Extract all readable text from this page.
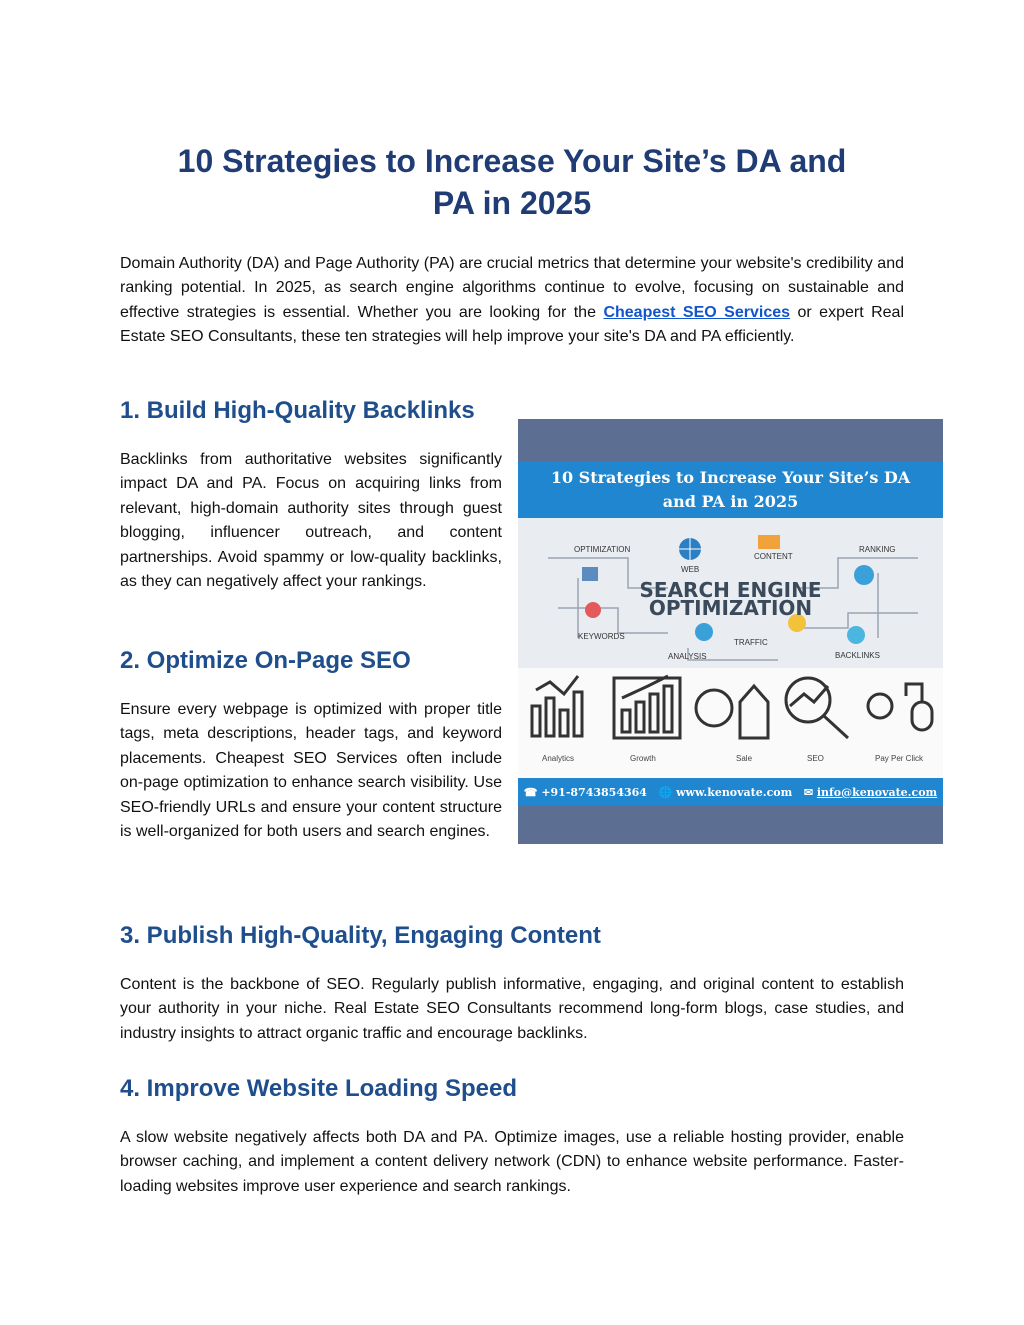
10 Strategies to Increase Your Site’s DA and
PA in 2025

Domain Authority (DA) and Page Authority (PA) are crucial metrics that determine your website's credibility and ranking potential. In 2025, as search engine algorithms continue to evolve, focusing on sustainable and effective strategies is essential. Whether you are looking for the Cheapest SEO Services or expert Real Estate SEO Consultants, these ten strategies will help improve your site's DA and PA efficiently.

1. Build High-Quality Backlinks

Backlinks from authoritative websites significantly impact DA and PA. Focus on acquiring links from relevant, high-domain authority sites through guest blogging, influencer outreach, and content partnerships. Avoid spammy or low-quality backlinks, as they can negatively affect your rankings.

2. Optimize On-Page SEO

Ensure every webpage is optimized with proper title tags, meta descriptions, header tags, and keyword placements. Cheapest SEO Services often include on-page optimization to enhance search visibility. Use SEO-friendly URLs and ensure your content structure is well-organized for both users and search engines.

3. Publish High-Quality, Engaging Content

Content is the backbone of SEO. Regularly publish informative, engaging, and original content to establish your authority in your niche. Real Estate SEO Consultants recommend long-form blogs, case studies, and industry insights to attract organic traffic and encourage backlinks.

4. Improve Website Loading Speed

A slow website negatively affects both DA and PA. Optimize images, use a reliable hosting provider, enable browser caching, and implement a content delivery network (CDN) to enhance website performance. Faster-loading websites improve user experience and search rankings.

10 Strategies to Increase Your Site’s DA
and PA in 2025
OPTIMIZATION
WEB
CONTENT
RANKING
KEYWORDS
TRAFFIC
BACKLINKS
ANALYSIS
SEARCH ENGINE
OPTIMIZATION
Analytics	Growth	Sale	SEO	Pay Per Click
☎ +91-8743854364 🌐 www.kenovate.com ✉ info@kenovate.com
